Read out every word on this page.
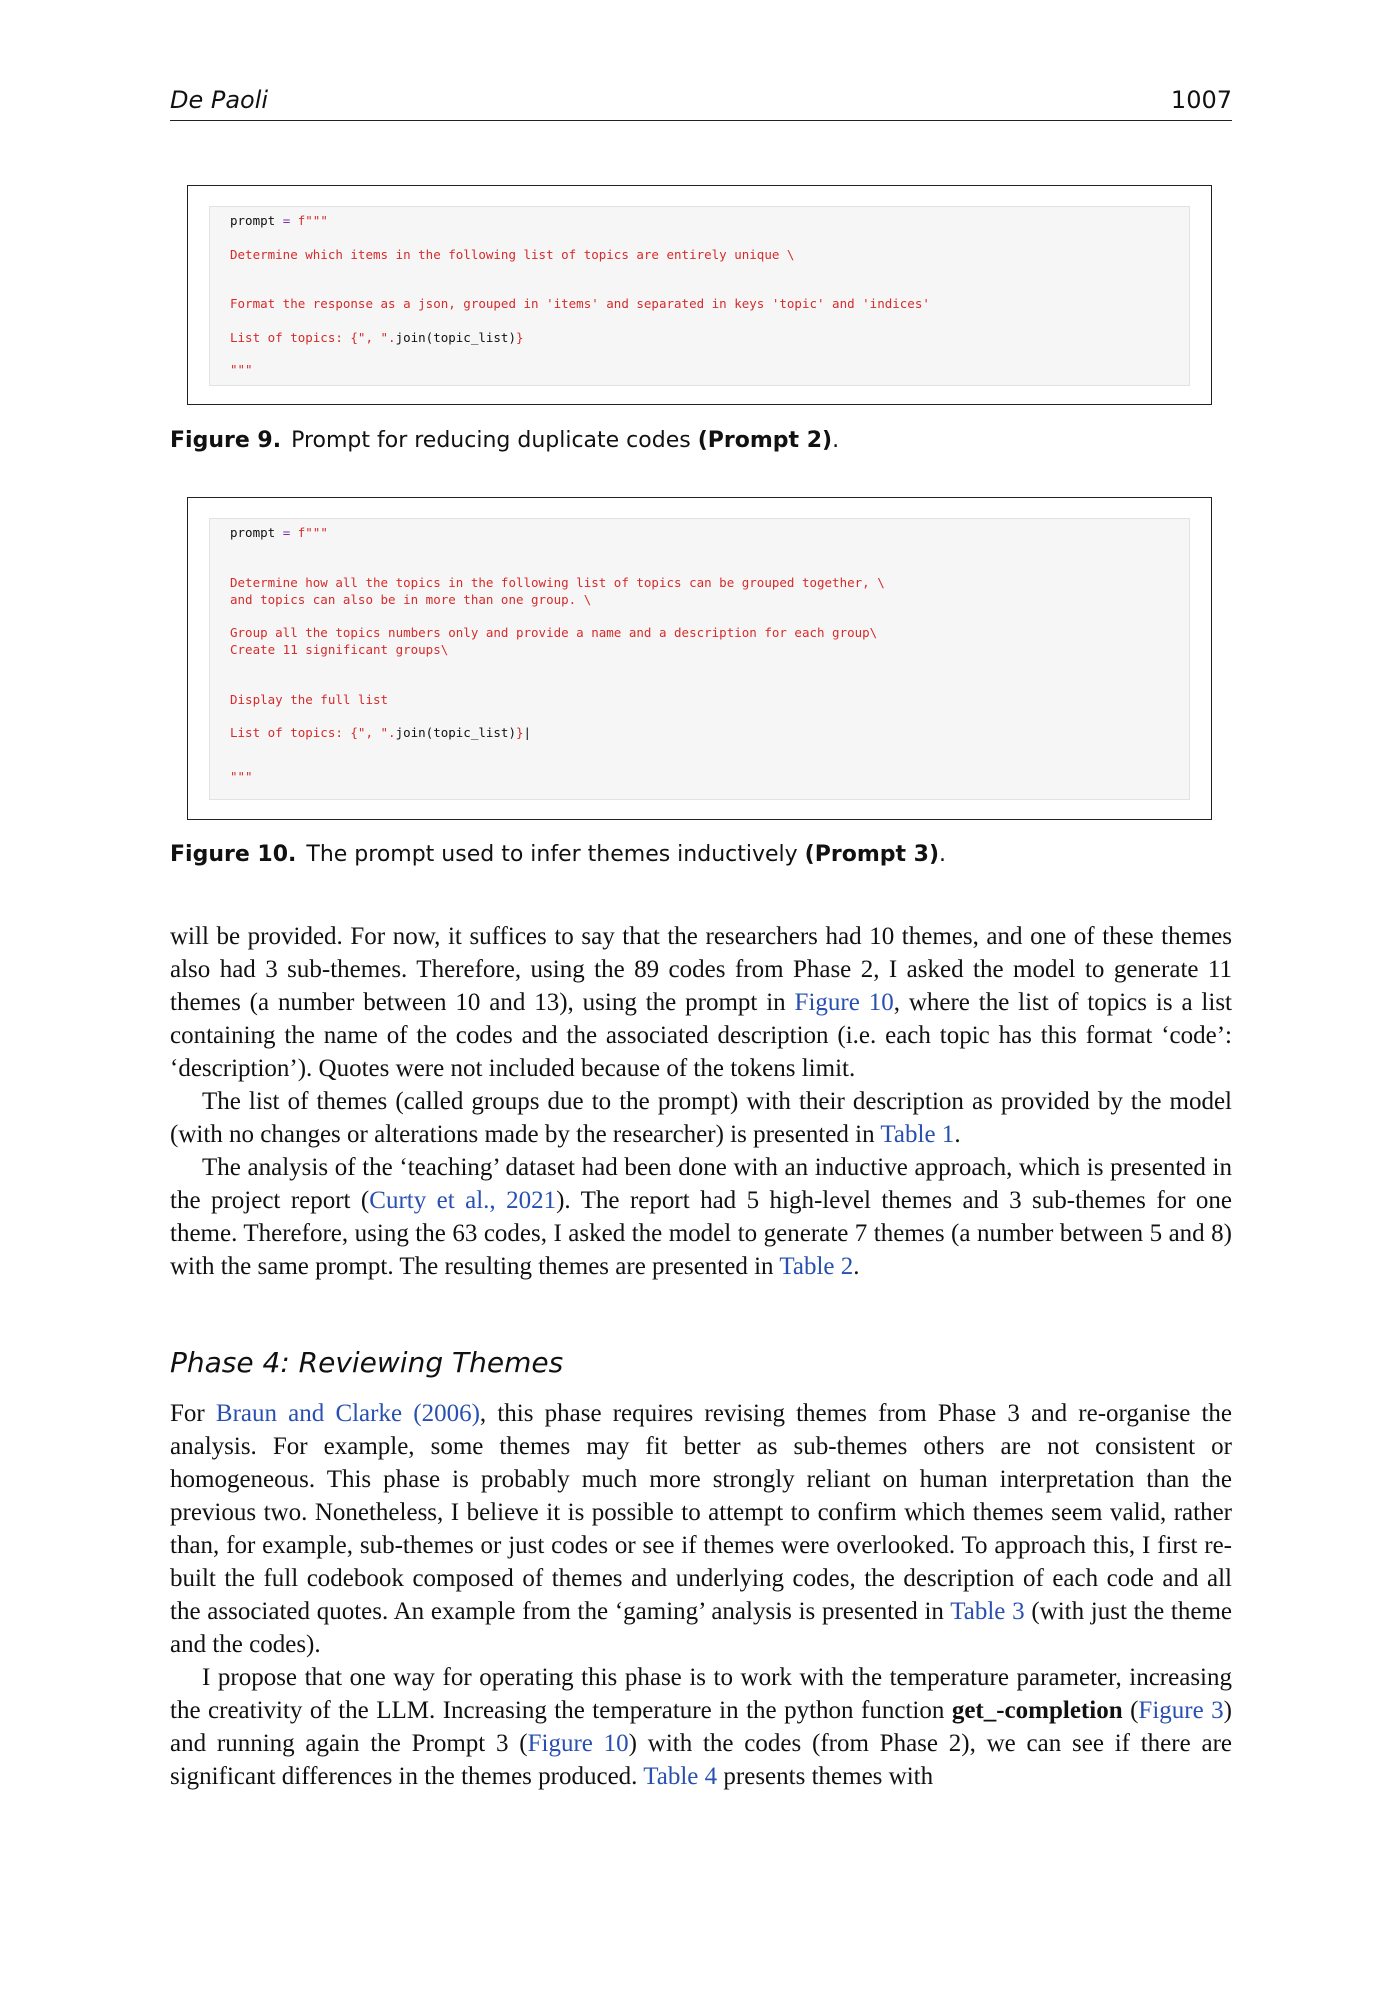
De Paoli	1007
prompt = f"""
Determine which items in the following list of topics are entirely unique \
Format the response as a json, grouped in 'items' and separated in keys 'topic' and 'indices'
List of topics: {", ".join(topic_list)}
"""
Figure 9. Prompt for reducing duplicate codes (Prompt 2).
prompt = f"""
Determine how all the topics in the following list of topics can be grouped together, \
and topics can also be in more than one group. \
Group all the topics numbers only and provide a name and a description for each group\
Create 11 significant groups\
Display the full list
List of topics: {", ".join(topic_list)}|
"""
Figure 10. The prompt used to infer themes inductively (Prompt 3).

will be provided. For now, it suffices to say that the researchers had 10 themes, and one of these themes also had 3 sub-themes. Therefore, using the 89 codes from Phase 2, I asked the model to generate 11 themes (a number between 10 and 13), using the prompt in Figure 10, where the list of topics is a list containing the name of the codes and the associated description (i.e. each topic has this format ‘code’: ‘description’). Quotes were not included because of the tokens limit.

The list of themes (called groups due to the prompt) with their description as provided by the model (with no changes or alterations made by the researcher) is presented in Table 1.

The analysis of the ‘teaching’ dataset had been done with an inductive approach, which is presented in the project report (Curty et al., 2021). The report had 5 high-level themes and 3 sub-themes for one theme. Therefore, using the 63 codes, I asked the model to generate 7 themes (a number between 5 and 8) with the same prompt. The resulting themes are presented in Table 2.

Phase 4: Reviewing Themes

For Braun and Clarke (2006), this phase requires revising themes from Phase 3 and re-organise the analysis. For example, some themes may fit better as sub-themes others are not consistent or homogeneous. This phase is probably much more strongly reliant on human interpretation than the previous two. Nonetheless, I believe it is possible to attempt to confirm which themes seem valid, rather than, for example, sub-themes or just codes or see if themes were overlooked. To approach this, I first re-built the full codebook composed of themes and underlying codes, the description of each code and all the associated quotes. An example from the ‘gaming’ analysis is presented in Table 3 (with just the theme and the codes).

I propose that one way for operating this phase is to work with the temperature parameter, increasing the creativity of the LLM. Increasing the temperature in the python function get_-completion (Figure 3) and running again the Prompt 3 (Figure 10) with the codes (from Phase 2), we can see if there are significant differences in the themes produced. Table 4 presents themes with
